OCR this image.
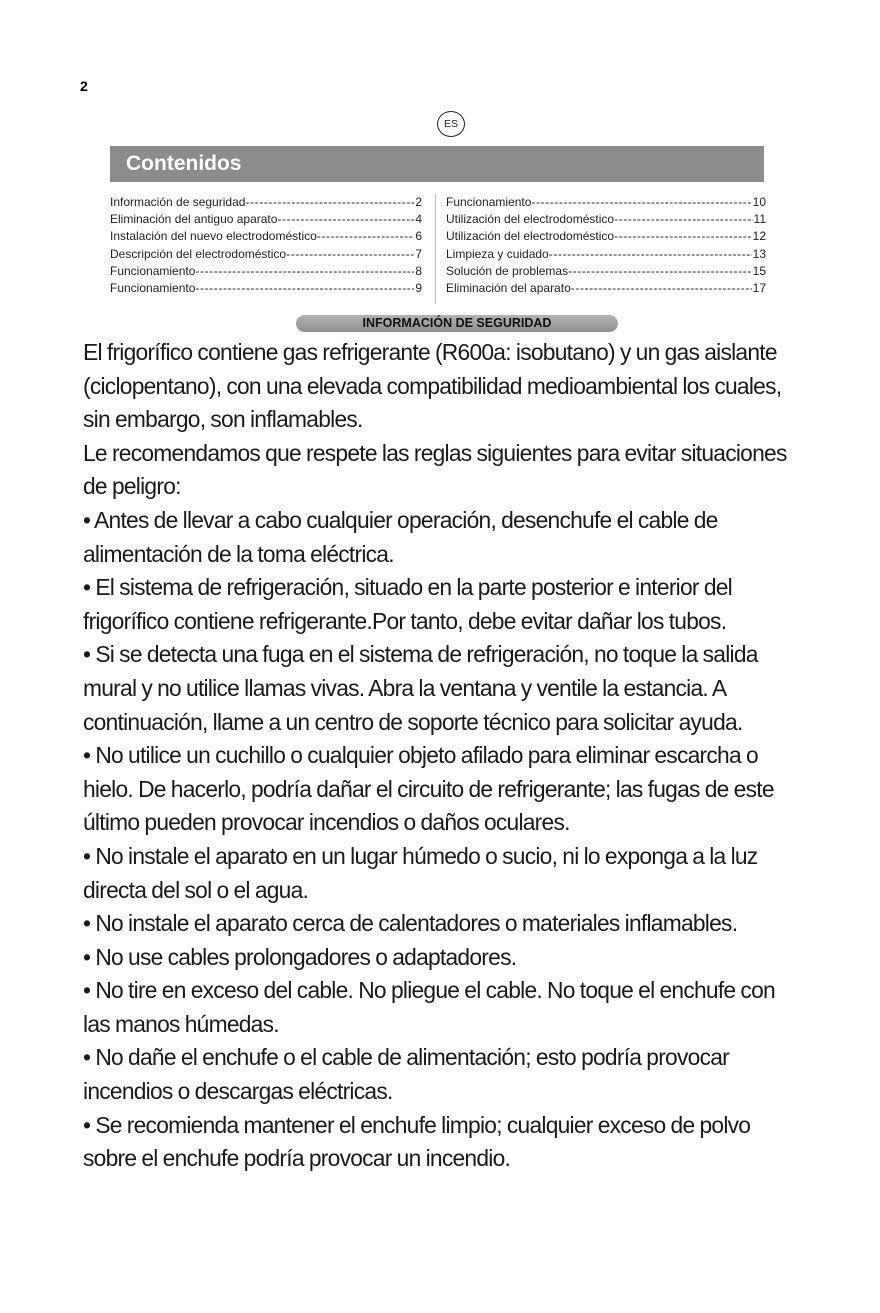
2
ES
Contenidos
Información de seguridad -----	2
Eliminación del antiguo aparato -----	4
Instalación del nuevo electrodoméstico -----	6
Descripción del electrodoméstico -----	7
Funcionamiento -----	8
Funcionamiento -----	9
Funcionamiento -----	10
Utilización del electrodoméstico -----	11
Utilización del electrodoméstico -----	12
Limpieza y cuidado -----	13
Solución de problemas -----	15
Eliminación del aparato -----	17
INFORMACIÓN DE SEGURIDAD

El frigorífico contiene gas refrigerante (R600a: isobutano) y un gas aislante (ciclopentano), con una elevada compatibilidad medioambiental los cuales, sin embargo, son inflamables.

Le recomendamos que respete las reglas siguientes para evitar situaciones de peligro:

• Antes de llevar a cabo cualquier operación, desenchufe el cable de alimentación de la toma eléctrica.

• El sistema de refrigeración, situado en la parte posterior e interior del frigorífico contiene refrigerante.Por tanto, debe evitar dañar los tubos.

• Si se detecta una fuga en el sistema de refrigeración, no toque la salida mural y no utilice llamas vivas. Abra la ventana y ventile la estancia. A continuación, llame a un centro de soporte técnico para solicitar ayuda.

• No utilice un cuchillo o cualquier objeto afilado para eliminar escarcha o hielo. De hacerlo, podría dañar el circuito de refrigerante; las fugas de este último pueden provocar incendios o daños oculares.

• No instale el aparato en un lugar húmedo o sucio, ni lo exponga a la luz directa del sol o el agua.

• No instale el aparato cerca de calentadores o materiales inflamables.

• No use cables prolongadores o adaptadores.

• No tire en exceso del cable. No pliegue el cable. No toque el enchufe con las manos húmedas.

• No dañe el enchufe o el cable de alimentación; esto podría provocar incendios o descargas eléctricas.

• Se recomienda mantener el enchufe limpio; cualquier exceso de polvo sobre el enchufe podría provocar un incendio.
